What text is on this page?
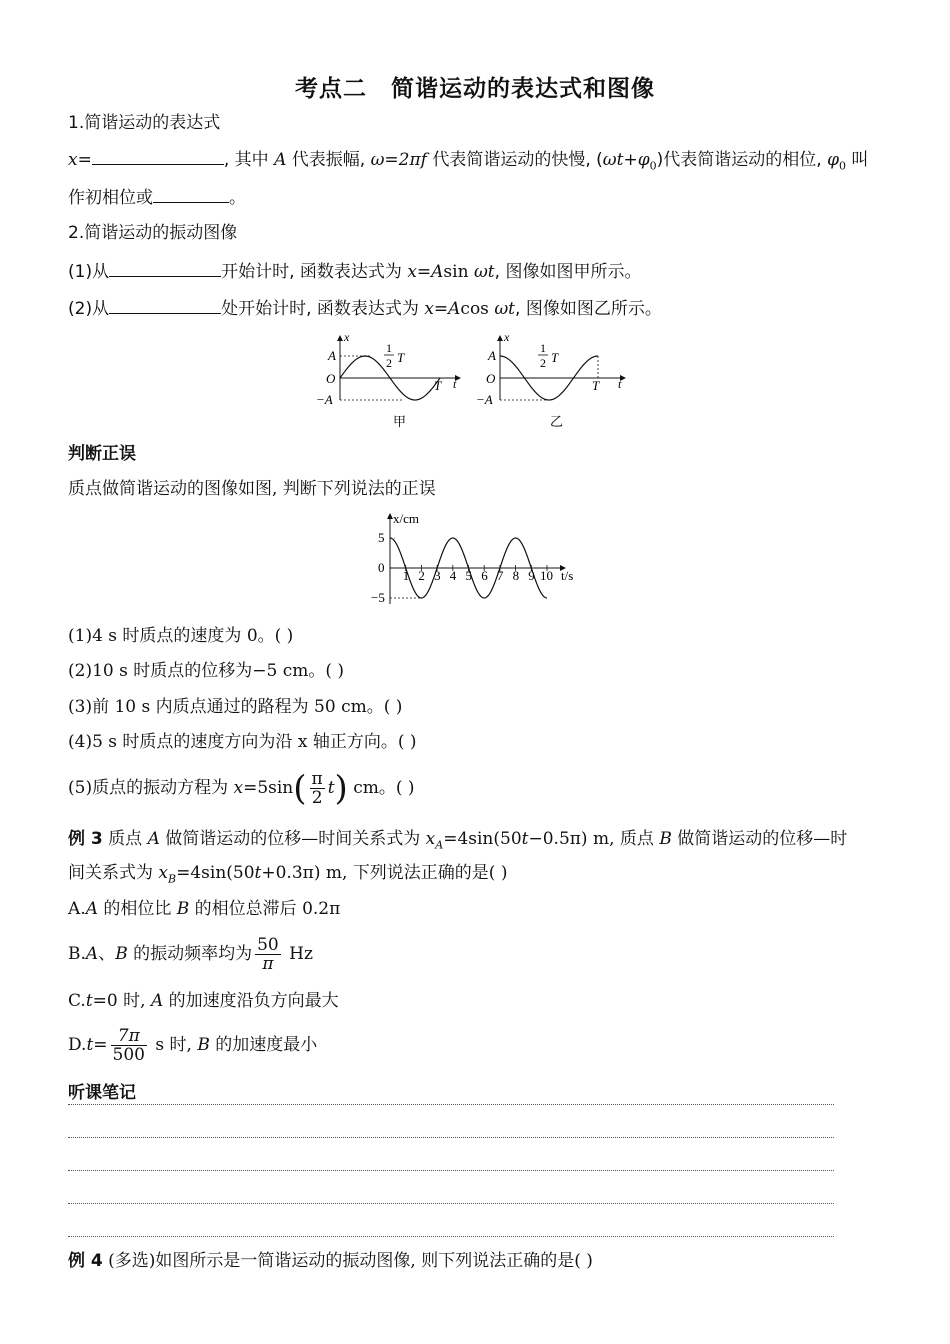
考点二　简谐运动的表达式和图像
1.简谐运动的表达式
x=	, 其中 A 代表振幅, ω=2πf 代表简谐运动的快慢, $(\omega t+\varphi_0)$代表简谐运动的相位, $\varphi_0$ 叫
作初相位或	。
2.简谐运动的振动图像
(1)从	开始计时, 函数表达式为 x=Asin ωt, 图像如图甲所示。
(2)从	处开始计时, 函数表达式为 x=Acos ωt, 图像如图乙所示。
x
t
A
O
−A
1
2 T
T
甲
x
t
A
O
−A
1
2 T
T
乙
判断正误
质点做简谐运动的图像如图, 判断下列说法的正误
x/cm
t/s
1 2 3 4 5 6 7 8 9 10
5
0
−5
(1)4 s 时质点的速度为 0。( )
(2)10 s 时质点的位移为−5 cm。( )
(3)前 10 s 内质点通过的路程为 50 cm。( )
(4)5 s 时质点的速度方向为沿 x 轴正方向。( )
(5)质点的振动方程为 $x=5\sin( \frac{\pi}{2} t)$ cm。( )
例 3 质点 A 做简谐运动的位移—时间关系式为 $x_A=4\sin(50t-0.5\pi)$ m, 质点 B 做简谐运动的位移—时
间关系式为 $x_B=4\sin(50t+0.3\pi)$ m, 下列说法正确的是( )
A.A 的相位比 B 的相位总滞后 0.2π
B.A、B 的振动频率均为 $\frac{50}{\pi}$ Hz
C.t=0 时, A 的加速度沿负方向最大
$D.t= \frac{7\pi}{500}$ s 时, B 的加速度最小
听课笔记
例 4 (多选)如图所示是一简谐运动的振动图像, 则下列说法正确的是( )
